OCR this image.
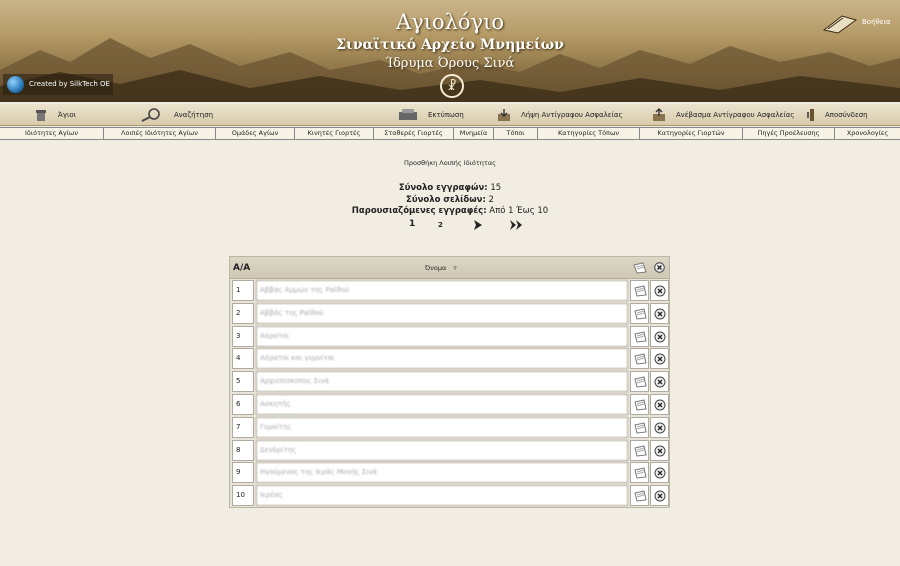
Αγιολόγιο
Σιναϊτικό Αρχείο Μνημείων
Ίδρυμα Όρους Σινά
☧
Βοήθεια
Created by SilkTech OE
Άγιοι	Αναζήτηση	Εκτύπωση	Λήψη Αντίγραφου Ασφαλείας	Ανέβασμα Αντίγραφου Ασφαλείας	Αποσύνδεση
Ιδιότητες Αγίων	Λοιπές Ιδιότητες Αγίων	Ομάδες Αγίων	Κινητές Γιορτές	Σταθερές Γιορτές	Μνημεία	Τόποι	Κατηγορίες Τόπων	Κατηγορίες Γιορτών	Πηγές Προέλευσης	Χρονολογίες
Προσθήκη Λοιπής Ιδιότητας
Σύνολο εγγραφών: 15
Σύνολο σελίδων: 2
Παρουσιαζόμενες εγγραφές: Από 1 Έως 10
1	2
Α/Α	Όνομα ▿
1	Αββάς Αμμών της Ραϊθού
2	Αββάς της Ραϊθού
3	Αόρατοι
4	Αόρατοι και γυμνίται
5	Αρχιεπίσκοπος Σινά
6	Ασκητής
7	Γυμνίτης
8	Δενδρίτης
9	Ηγούμενος της Ιεράς Μονής Σινά
10	Ιερέας
